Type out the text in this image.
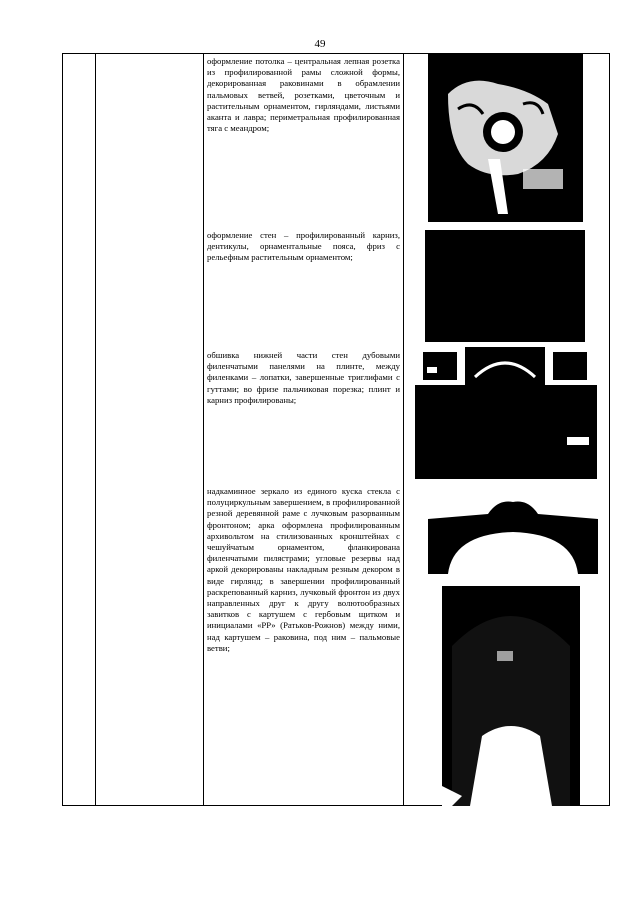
49
оформление потолка – центральная лепная розетка из профилированной рамы сложной формы, декорированная раковинами в обрамлении пальмовых ветвей, розетками, цветочным и растительным орнаментом, гирляндами, листьями аканта и лавра; периметральная профилированная тяга с меандром;
оформление стен – профилированный карниз, дентикулы, орнаментальные пояса, фриз с рельефным растительным орнаментом;
обшивка нижней части стен дубовыми филенчатыми панелями на плинте, между филенками – лопатки, завершенные триглифами с гуттами; во фризе пальчиковая порезка; плинт и карниз профилированы;
надкаминное зеркало из единого куска стекла с полуциркульным завершением, в профилированной резной деревянной раме с лучковым разорванным фронтоном; арка оформлена профилированным архивольтом на стилизованных кронштейнах с чешуйчатым орнаментом, фланкирована филенчатыми пилястрами; угловые резервы над аркой декорированы накладным резным декором в виде гирлянд; в завершении профилированный раскрепованный карниз, лучковый фронтон из двух направленных друг к другу волютообразных завитков с картушем с гербовым щитком и инициалами «РР» (Ратьков-Рожнов) между ними, над картушем – раковина, под ним – пальмовые ветви;
